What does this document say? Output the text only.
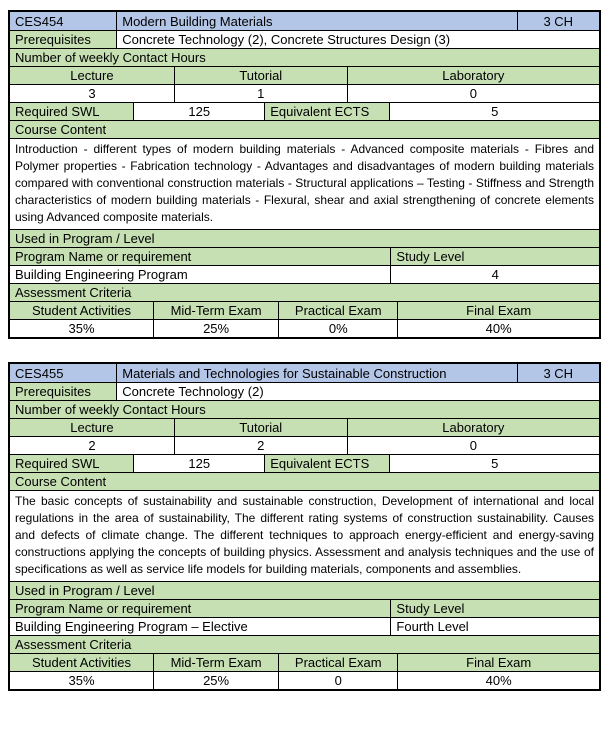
CES454	Modern Building Materials	3 CH
Prerequisites	Concrete Technology (2), Concrete Structures Design (3)
Number of weekly Contact Hours
Lecture	Tutorial	Laboratory
3	1	0
Required SWL	125	Equivalent ECTS	5
Course Content
Introduction - different types of modern building materials - Advanced composite materials - Fibres and Polymer properties - Fabrication technology - Advantages and disadvantages of modern building materials compared with conventional construction materials - Structural applications – Testing - Stiffness and Strength characteristics of modern building materials - Flexural, shear and axial strengthening of concrete elements using Advanced composite materials.
Used in Program / Level
Program Name or requirement	Study Level
Building Engineering Program	4
Assessment Criteria
Student Activities	Mid-Term Exam	Practical Exam	Final Exam
35%	25%	0%	40%
CES455	Materials and Technologies for Sustainable Construction	3 CH
Prerequisites	Concrete Technology (2)
Number of weekly Contact Hours
Lecture	Tutorial	Laboratory
2	2	0
Required SWL	125	Equivalent ECTS	5
Course Content
The basic concepts of sustainability and sustainable construction, Development of international and local regulations in the area of sustainability, The different rating systems of construction sustainability. Causes and defects of climate change. The different techniques to approach energy-efficient and energy-saving constructions applying the concepts of building physics. Assessment and analysis techniques and the use of specifications as well as service life models for building materials, components and assemblies.
Used in Program / Level
Program Name or requirement	Study Level
Building Engineering Program – Elective	Fourth Level
Assessment Criteria
Student Activities	Mid-Term Exam	Practical Exam	Final Exam
35%	25%	0	40%
